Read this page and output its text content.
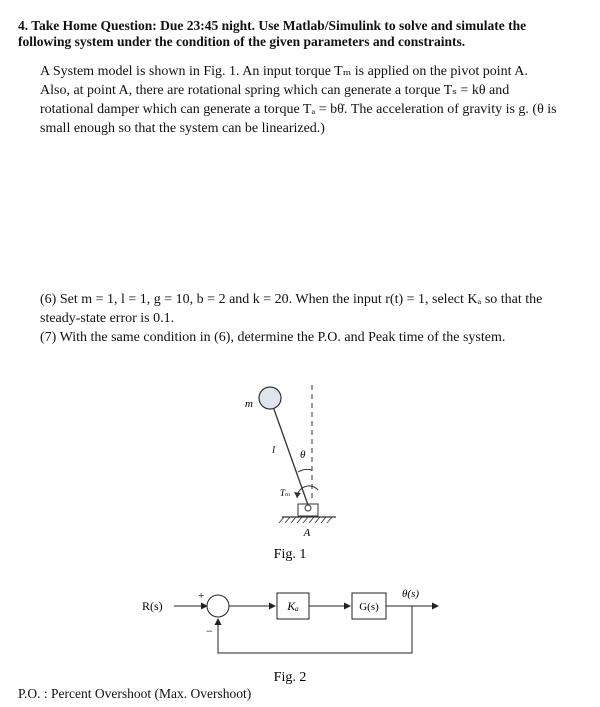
4. Take Home Question: Due 23:45 night. Use Matlab/Simulink to solve and simulate the following system under the condition of the given parameters and constraints.

A System model is shown in Fig. 1. An input torque Tₘ is applied on the pivot point A. Also, at point A, there are rotational spring which can generate a torque Tₛ = kθ and rotational damper which can generate a torque Tₐ = bθ̇. The acceleration of gravity is g. (θ is small enough so that the system can be linearized.)

(6) Set m = 1, l = 1, g = 10, b = 2 and k = 20. When the input r(t) = 1, select Kₐ so that the steady-state error is 0.1.

(7) With the same condition in (6), determine the P.O. and Peak time of the system.

m
l θ
Tₘ
A
Fig. 1
R(s)
+
−
Kₐ	G(s)
θ(s)
Fig. 2
P.O. : Percent Overshoot (Max. Overshoot)
